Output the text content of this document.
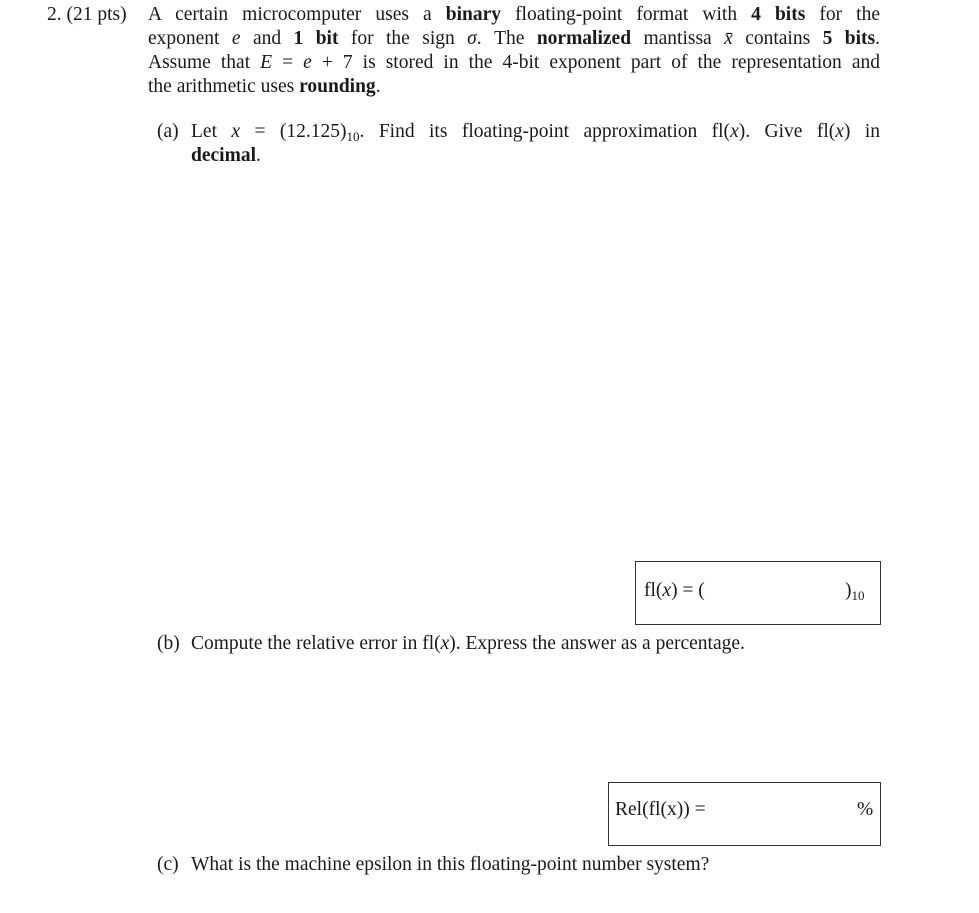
2. (21 pts) A certain microcomputer uses a binary floating-point format with 4 bits for the
exponent e and 1 bit for the sign σ. The normalized mantissa x̄ contains 5 bits.
Assume that E = e + 7 is stored in the 4-bit exponent part of the representation and
the arithmetic uses rounding.
(a) Let $x = (12.125)_{10}$. Find its floating-point approximation fl(x). Give fl(x) in
decimal.
fl(x) = (	)$_{10}$
(b) Compute the relative error in fl(x). Express the answer as a percentage.
Rel(fl(x)) =	%
(c) What is the machine epsilon in this floating-point number system?
